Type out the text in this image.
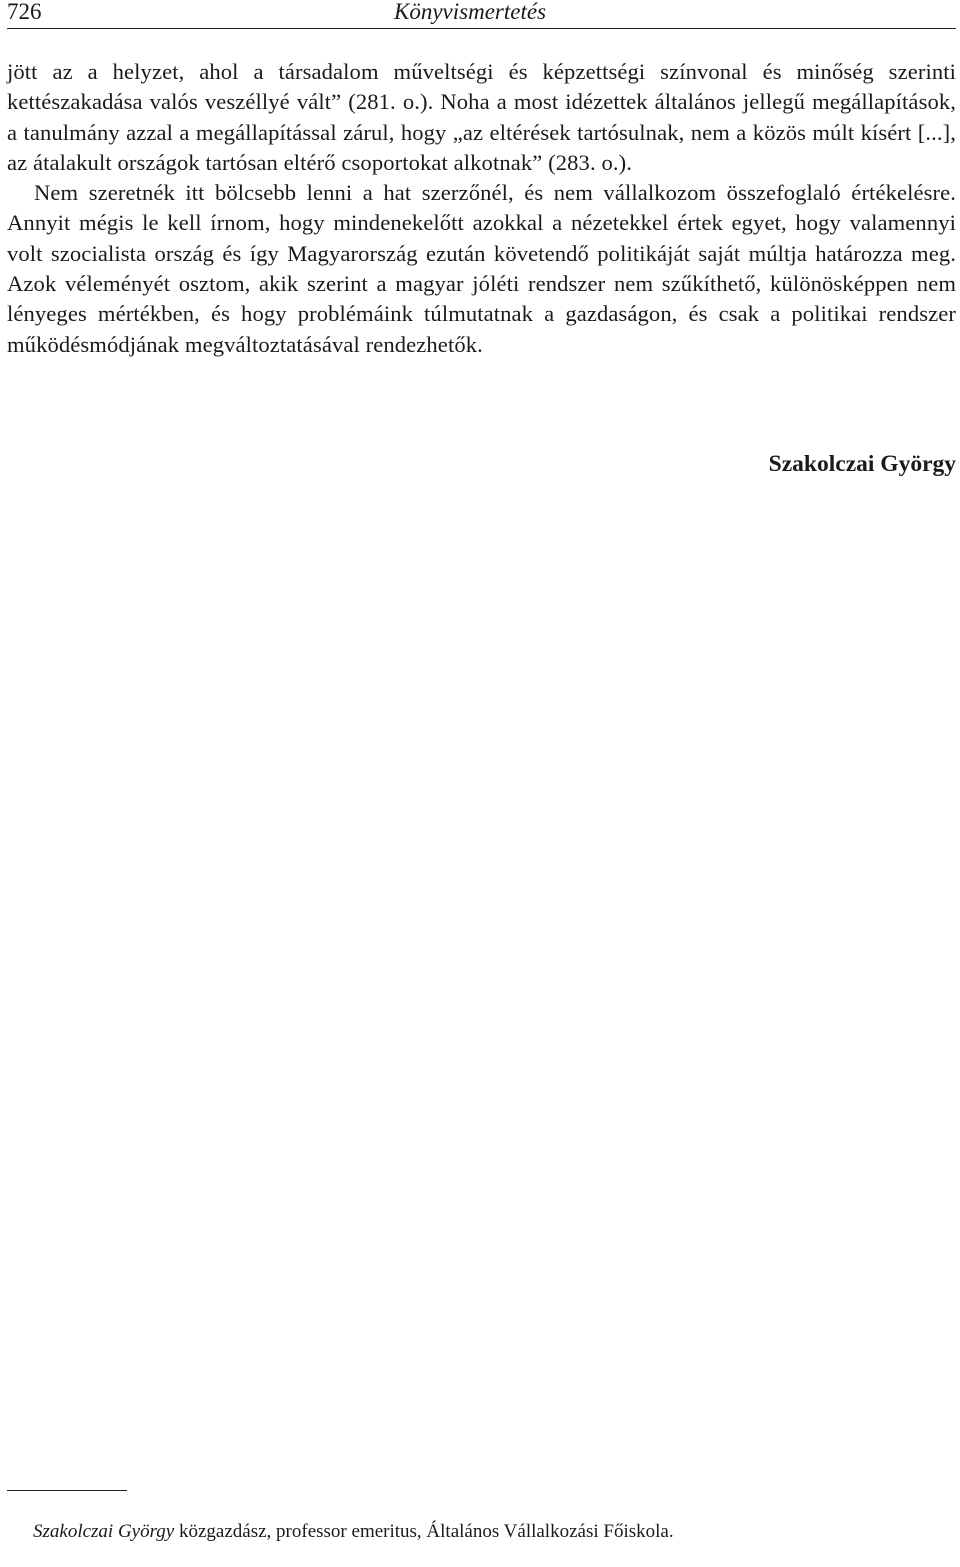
726	Könyvismertetés

jött az a helyzet, ahol a társadalom műveltségi és képzettségi színvonal és minőség szerinti kettészakadása valós veszéllyé vált” (281. o.). Noha a most idézettek általános jellegű megállapítások, a tanulmány azzal a megállapítással zárul, hogy „az eltérések tartósulnak, nem a közös múlt kísért [...], az átalakult országok tartósan eltérő csoportokat alkotnak” (283. o.).

Nem szeretnék itt bölcsebb lenni a hat szerzőnél, és nem vállalkozom összefoglaló értékelésre. Annyit mégis le kell írnom, hogy mindenekelőtt azokkal a nézetekkel értek egyet, hogy valamennyi volt szocialista ország és így Magyarország ezután követendő politikáját saját múltja határozza meg. Azok véleményét osztom, akik szerint a magyar jóléti rendszer nem szűkíthető, különösképpen nem lényeges mértékben, és hogy problémáink túlmutatnak a gazdaságon, és csak a politikai rendszer működésmódjának megváltoztatásával rendezhetők.

Szakolczai György
Szakolczai György közgazdász, professor emeritus, Általános Vállalkozási Főiskola.
